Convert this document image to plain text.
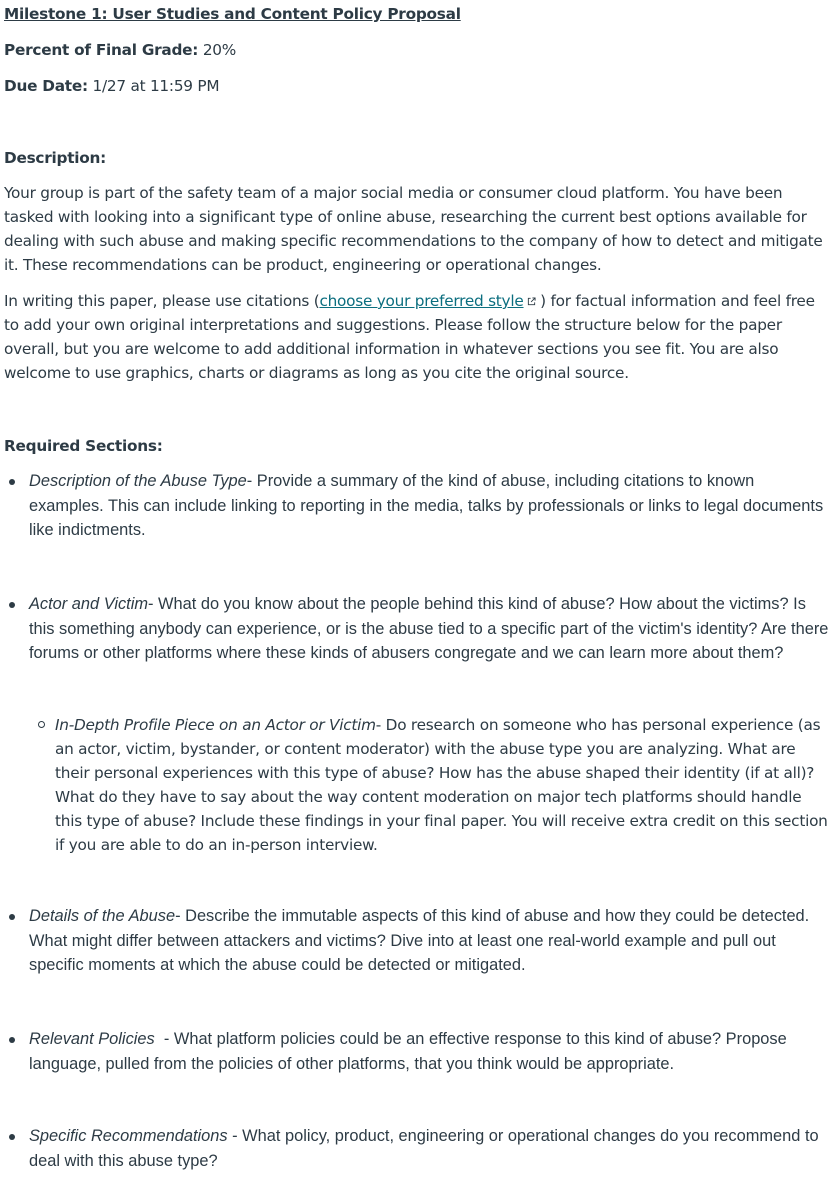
Milestone 1: User Studies and Content Policy Proposal
Percent of Final Grade: 20%
Due Date: 1/27 at 11:59 PM
Description:
Your group is part of the safety team of a major social media or consumer cloud platform. You have been tasked with looking into a significant type of online abuse, researching the current best options available for dealing with such abuse and making specific recommendations to the company of how to detect and mitigate it. These recommendations can be product, engineering or operational changes.
In writing this paper, please use citations (choose your preferred style ) for factual information and feel free to add your own original interpretations and suggestions. Please follow the structure below for the paper overall, but you are welcome to add additional information in whatever sections you see fit. You are also welcome to use graphics, charts or diagrams as long as you cite the original source.
Required Sections:
Description of the Abuse Type- Provide a summary of the kind of abuse, including citations to known examples. This can include linking to reporting in the media, talks by professionals or links to legal documents like indictments.
Actor and Victim- What do you know about the people behind this kind of abuse? How about the victims? Is this something anybody can experience, or is the abuse tied to a specific part of the victim's identity? Are there forums or other platforms where these kinds of abusers congregate and we can learn more about them?
In-Depth Profile Piece on an Actor or Victim- Do research on someone who has personal experience (as an actor, victim, bystander, or content moderator) with the abuse type you are analyzing. What are their personal experiences with this type of abuse? How has the abuse shaped their identity (if at all)? What do they have to say about the way content moderation on major tech platforms should handle this type of abuse? Include these findings in your final paper. You will receive extra credit on this section if you are able to do an in-person interview.
Details of the Abuse- Describe the immutable aspects of this kind of abuse and how they could be detected. What might differ between attackers and victims? Dive into at least one real-world example and pull out specific moments at which the abuse could be detected or mitigated.
Relevant Policies  - What platform policies could be an effective response to this kind of abuse? Propose language, pulled from the policies of other platforms, that you think would be appropriate.
Specific Recommendations - What policy, product, engineering or operational changes do you recommend to deal with this abuse type?
